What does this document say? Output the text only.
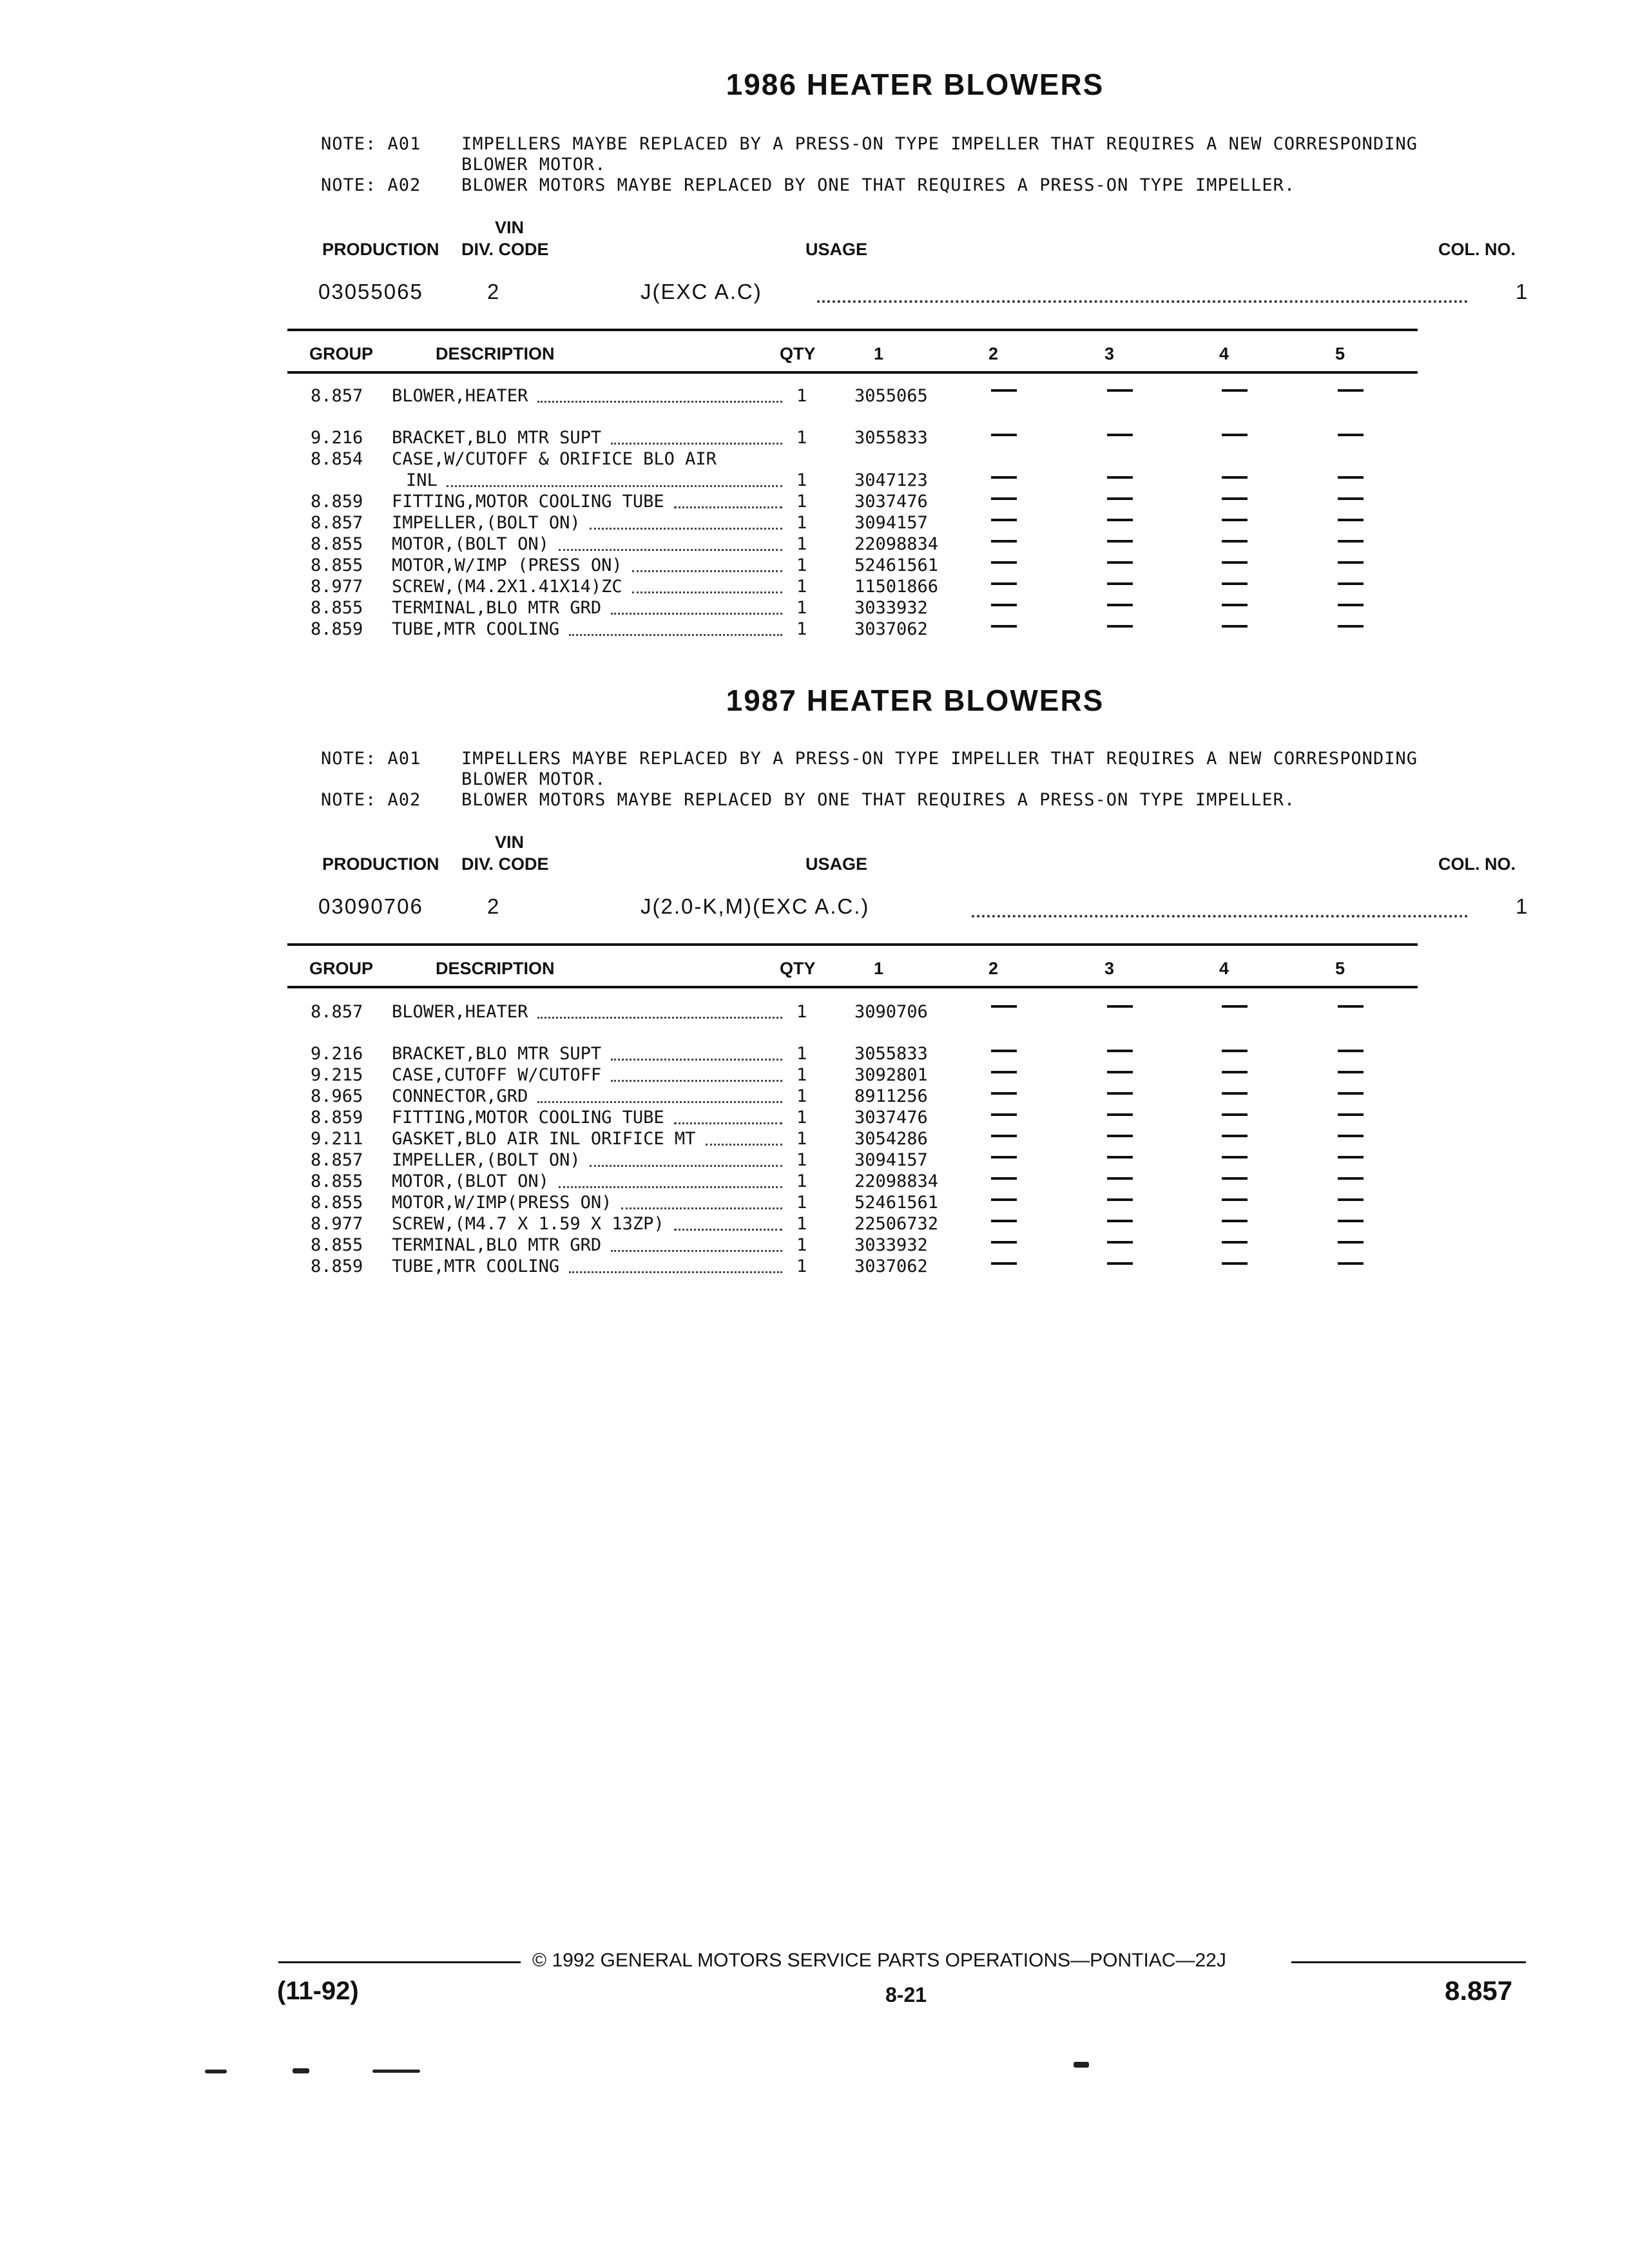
1986 HEATER BLOWERS
NOTE: A01 IMPELLERS MAYBE REPLACED BY A PRESS-ON TYPE IMPELLER THAT REQUIRES A NEW CORRESPONDING
BLOWER MOTOR.
NOTE: A02 BLOWER MOTORS MAYBE REPLACED BY ONE THAT REQUIRES A PRESS-ON TYPE IMPELLER.
VIN
PRODUCTION DIV. CODE	USAGE	COL. NO.
03055065	2	J(EXC A.C)	1
GROUP	DESCRIPTION	QTY	1	2	3	4	5
8.857 BLOWER,HEATER	1	3055065
9.216 BRACKET,BLO MTR SUPT	1	3055833
8.854 CASE,W/CUTOFF & ORIFICE BLO AIR
INL	1	3047123
8.859 FITTING,MOTOR COOLING TUBE	1	3037476
8.857 IMPELLER,(BOLT ON)	1	3094157
8.855 MOTOR,(BOLT ON)	1	22098834
8.855 MOTOR,W/IMP (PRESS ON)	1	52461561
8.977 SCREW,(M4.2X1.41X14)ZC	1	11501866
8.855 TERMINAL,BLO MTR GRD	1	3033932
8.859 TUBE,MTR COOLING	1	3037062
1987 HEATER BLOWERS
NOTE: A01 IMPELLERS MAYBE REPLACED BY A PRESS-ON TYPE IMPELLER THAT REQUIRES A NEW CORRESPONDING
BLOWER MOTOR.
NOTE: A02 BLOWER MOTORS MAYBE REPLACED BY ONE THAT REQUIRES A PRESS-ON TYPE IMPELLER.
VIN
PRODUCTION DIV. CODE	USAGE	COL. NO.
03090706	2	J(2.0-K,M)(EXC A.C.)	1
GROUP	DESCRIPTION	QTY	1	2	3	4	5
8.857 BLOWER,HEATER	1	3090706
9.216 BRACKET,BLO MTR SUPT	1	3055833
9.215 CASE,CUTOFF W/CUTOFF	1	3092801
8.965 CONNECTOR,GRD	1	8911256
8.859 FITTING,MOTOR COOLING TUBE	1	3037476
9.211 GASKET,BLO AIR INL ORIFICE MT	1	3054286
8.857 IMPELLER,(BOLT ON)	1	3094157
8.855 MOTOR,(BLOT ON)	1	22098834
8.855 MOTOR,W/IMP(PRESS ON)	1	52461561
8.977 SCREW,(M4.7 X 1.59 X 13ZP)	1	22506732
8.855 TERMINAL,BLO MTR GRD	1	3033932
8.859 TUBE,MTR COOLING	1	3037062
© 1992 GENERAL MOTORS SERVICE PARTS OPERATIONS—PONTIAC—22J
(11-92)	8-21	8.857
